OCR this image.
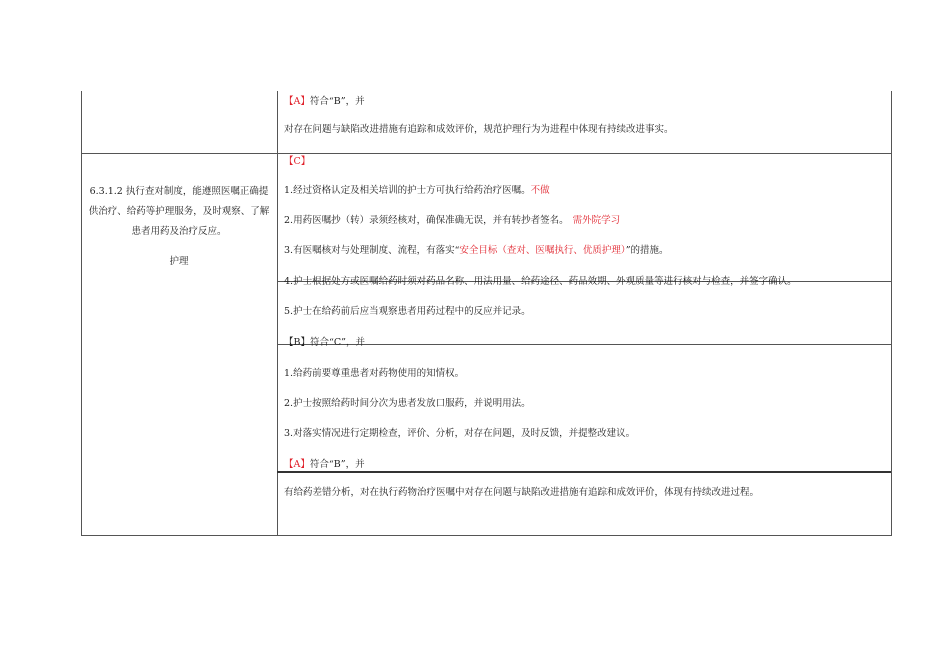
【A】符合“B”，并
对存在问题与缺陷改进措施有追踪和成效评价，规范护理行为为进程中体现有持续改进事实。
6.3.1.2 执行查对制度，能遵照医嘱正确提供治疗、给药等护理服务，及时观察、了解患者用药及治疗反应。
护理
【C】
1.经过资格认定及相关培训的护士方可执行给药治疗医嘱。不做
2.用药医嘱抄（转）录须经核对，确保准确无误，并有转抄者签名。 需外院学习
3.有医嘱核对与处理制度、流程，有落实“安全目标（查对、医嘱执行、优质护理）”的措施。
4.护士根据处方或医嘱给药时须对药品名称、用法用量、给药途径、药品效期、外观质量等进行核对与检查，并签字确认。
5.护士在给药前后应当观察患者用药过程中的反应并记录。
【B】符合“C”，并
1.给药前要尊重患者对药物使用的知情权。
2.护士按照给药时间分次为患者发放口服药，并说明用法。
3.对落实情况进行定期检查，评价、分析，对存在问题，及时反馈，并提整改建议。
【A】符合“B”，并
有给药差错分析，对在执行药物治疗医嘱中对存在问题与缺陷改进措施有追踪和成效评价，体现有持续改进过程。
